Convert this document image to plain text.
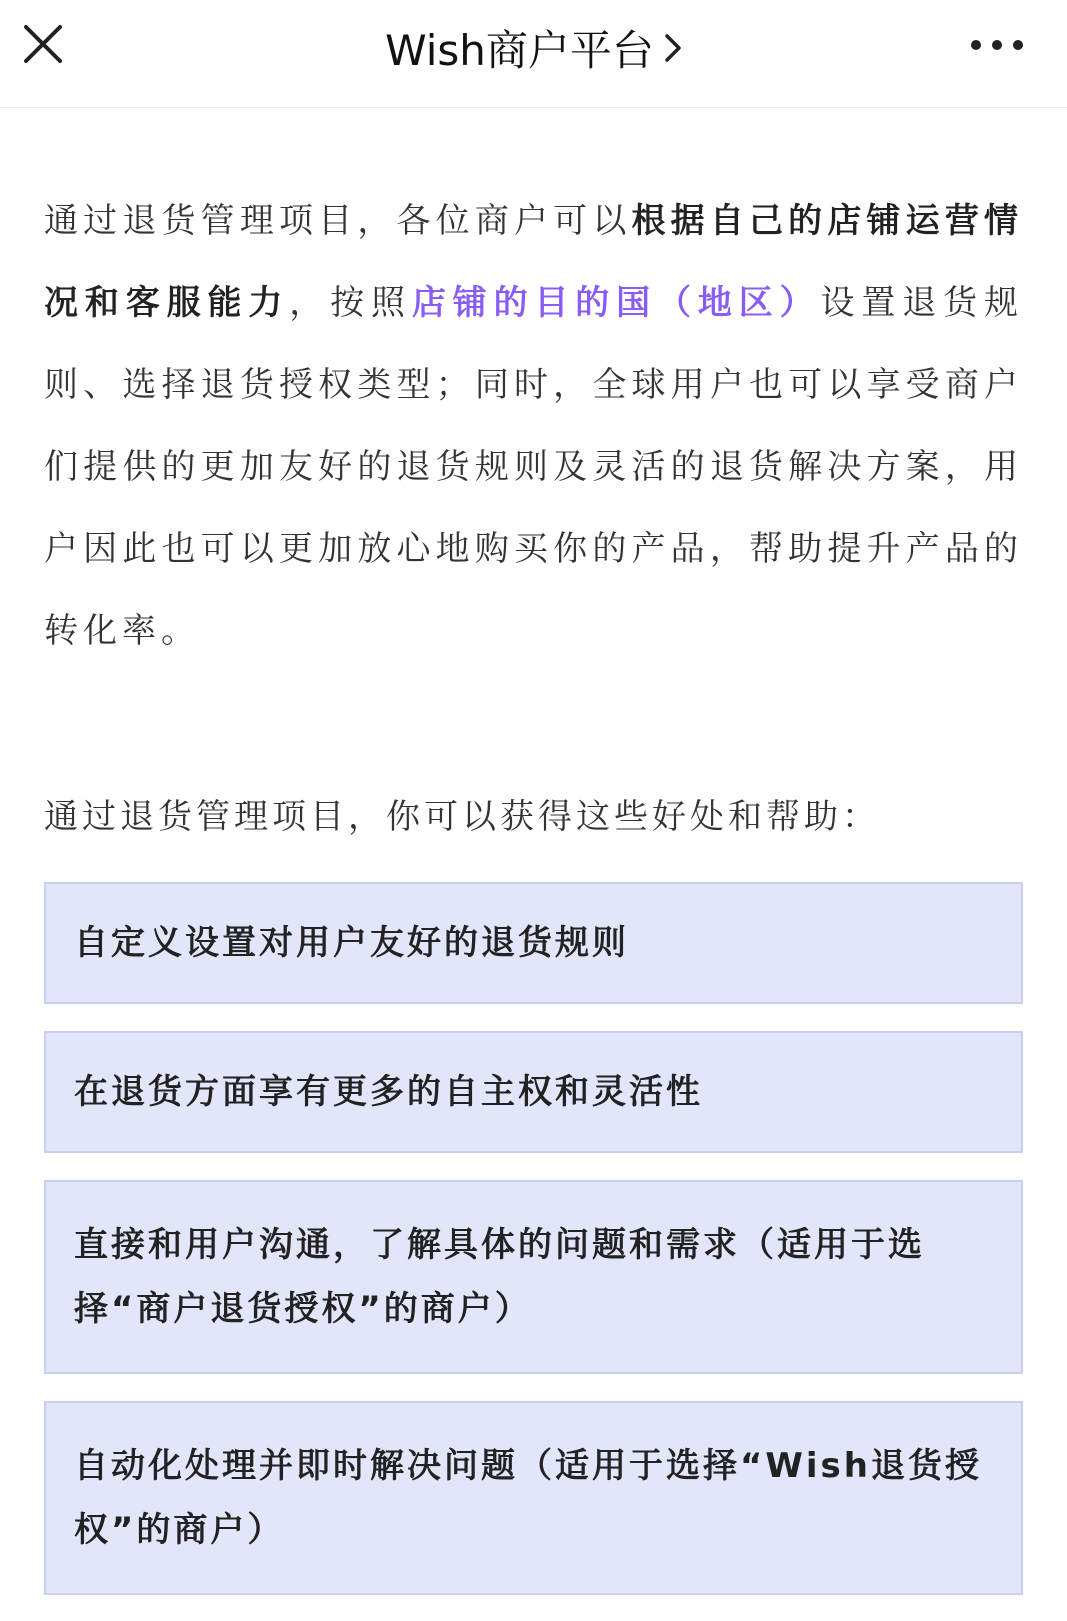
Wish商户平台

通过退货管理项目，各位商户可以根据自己的店铺运营情况和客服能力，按照店铺的目的国（地区）设置退货规则、选择退货授权类型；同时，全球用户也可以享受商户们提供的更加友好的退货规则及灵活的退货解决方案，用户因此也可以更加放心地购买你的产品，帮助提升产品的转化率。

通过退货管理项目，你可以获得这些好处和帮助：

自定义设置对用户友好的退货规则
在退货方面享有更多的自主权和灵活性
直接和用户沟通，了解具体的问题和需求（适用于选择“商户退货授权”的商户）
自动化处理并即时解决问题（适用于选择“Wish退货授权”的商户）
